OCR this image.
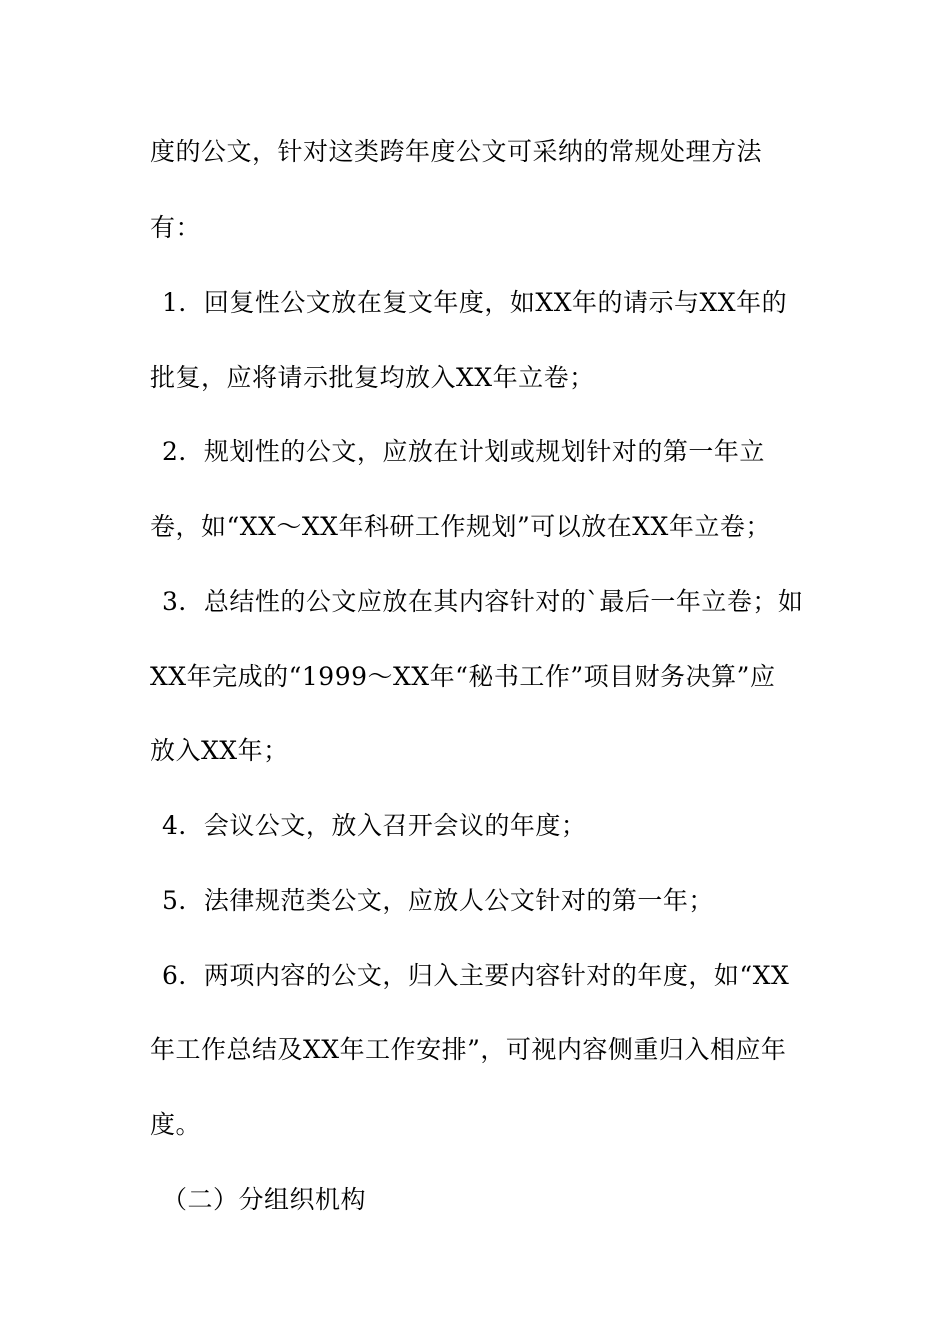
度的公文，针对这类跨年度公文可采纳的常规处理方法
有：
1．回复性公文放在复文年度，如XX年的请示与XX年的
批复，应将请示批复均放入XX年立卷；
2．规划性的公文，应放在计划或规划针对的第一年立
卷，如“XX～XX年科研工作规划”可以放在XX年立卷；
3．总结性的公文应放在其内容针对的`最后一年立卷；如
XX年完成的“1999～XX年“秘书工作”项目财务决算”应
放入XX年；
4．会议公文，放入召开会议的年度；
5．法律规范类公文，应放人公文针对的第一年；
6．两项内容的公文，归入主要内容针对的年度，如“XX
年工作总结及XX年工作安排”，可视内容侧重归入相应年
度。
（二）分组织机构
